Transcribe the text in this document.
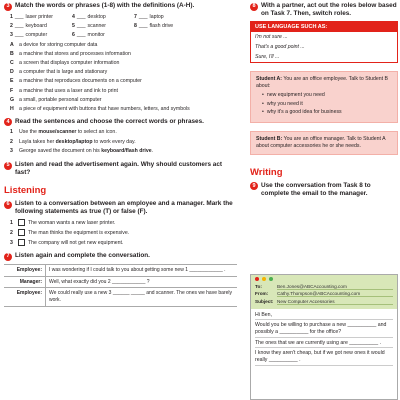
3 Match the words or phrases (1-8) with the definitions (A-H).
1 ___ laser printer	4 ___ desktop	7 ___ laptop
2 ___ keyboard	5 ___ scanner	8 ___ flash drive
3 ___ computer	6 ___ monitor
A	a device for storing computer data
B	a machine that stores and processes information
C	a screen that displays computer information
D	a computer that is large and stationary
E	a machine that reproduces documents on a computer
F	a machine that uses a laser and ink to print
G a small, portable personal computer
H	a piece of equipment with buttons that have numbers, letters, and symbols
4 Read the sentences and choose the correct words or phrases.
1	Use the mouse/scanner to select an icon.
2	Layla takes her desktop/laptop to work every day.
3	George saved the document on his keyboard/flash drive.
5 Listen and read the advertisement again. Why should customers act fast?
Listening
6 Listen to a conversation between an employee and a manager. Mark the following statements as true (T) or false (F).
1	The woman wants a new laser printer.
2	The man thinks the equipment is expensive.
3	The company will not get new equipment.
7 Listen again and complete the conversation.
Employee:	I was wondering if I could talk to you about getting some new 1 ____________ .
Manager:	Well, what exactly did you 2 ____________ ?
Employee:	We could really use a new 3 ______ _____ and scanner. The ones we have barely work.
8 With a partner, act out the roles below based on Task 7. Then, switch roles.
USE LANGUAGE SUCH AS:
I'm not sure ...
That's a good point ...
Sure, I'll ...
Student A: You are an office employee. Talk to Student B about:
• new equipment you need
• why you need it
• why it's a good idea for business
Student B: You are an office manager. Talk to Student A about computer accessories he or she needs.
Writing
9 Use the conversation from Task 8 to complete the email to the manager.
To:	Ben.Jones@ABCAccounting.com
From:	Cathy.Thompson@ABCAccounting.com
Subject: New Computer Accessories
Hi Ben,
Would you be willing to purchase a new __________ and possibly a __________ for the office?
The ones that we are currently using are __________ .
I know they aren't cheap, but if we got new ones it would really __________ .
